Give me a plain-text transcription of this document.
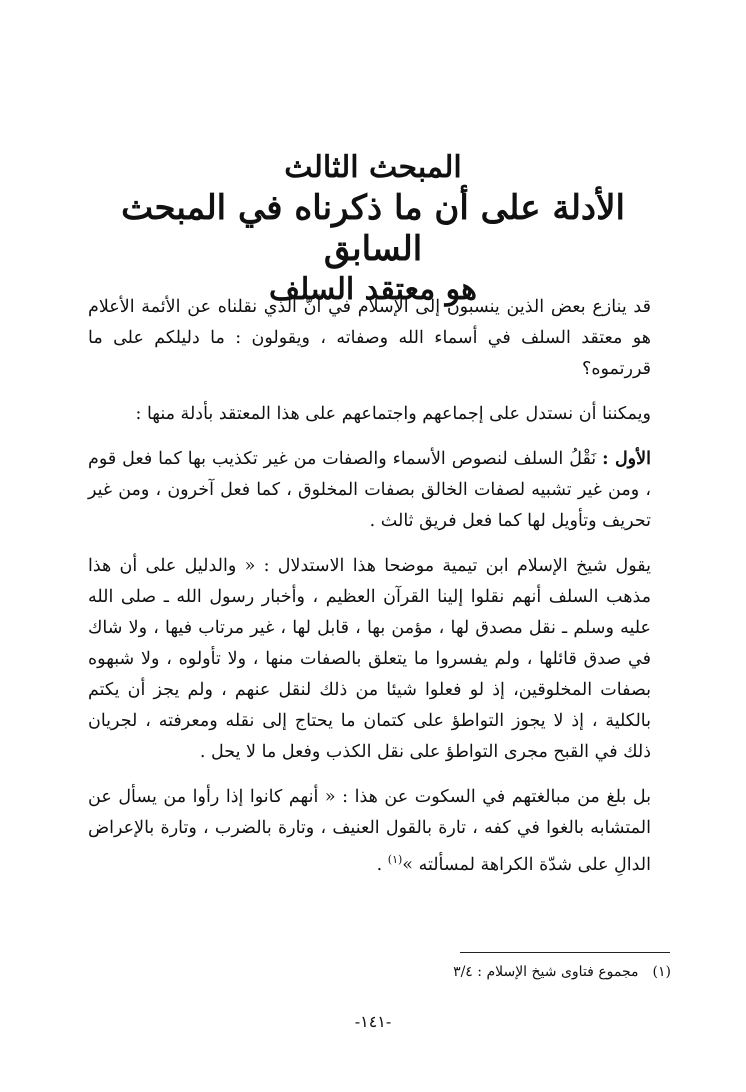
المبحث الثالث
الأدلة على أن ما ذكرناه في المبحث السابق
هو معتقد السلف

قد ينازع بعض الذين ينسبون إلى الإسلام في أنَّ الذي نقلناه عن الأئمة الأعلام هو معتقد السلف في أسماء الله وصفاته ، ويقولون : ما دليلكم على ما قررتموه؟

ويمكننا أن نستدل على إجماعهم واجتماعهم على هذا المعتقد بأدلة منها :

الأول : نَقْلُ السلف لنصوص الأسماء والصفات من غير تكذيب بها كما فعل قوم ، ومن غير تشبيه لصفات الخالق بصفات المخلوق ، كما فعل آخرون ، ومن غير تحريف وتأويل لها كما فعل فريق ثالث .

يقول شيخ الإسلام ابن تيمية موضحا هذا الاستدلال : « والدليل على أن هذا مذهب السلف أنهم نقلوا إلينا القرآن العظيم ، وأخبار رسول الله ـ صلى الله عليه وسلم ـ نقل مصدق لها ، مؤمن بها ، قابل لها ، غير مرتاب فيها ، ولا شاك في صدق قائلها ، ولم يفسروا ما يتعلق بالصفات منها ، ولا تأولوه ، ولا شبهوه بصفات المخلوقين، إذ لو فعلوا شيئا من ذلك لنقل عنهم ، ولم يجز أن يكتم بالكلية ، إذ لا يجوز التواطؤ على كتمان ما يحتاج إلى نقله ومعرفته ، لجريان ذلك في القبح مجرى التواطؤ على نقل الكذب وفعل ما لا يحل .

بل بلغ من مبالغتهم في السكوت عن هذا : « أنهم كانوا إذا رأوا من يسأل عن المتشابه بالغوا في كفه ، تارة بالقول العنيف ، وتارة بالضرب ، وتارة بالإعراض الدالِ على شدّة الكراهة لمسألته »$^{(١)}$ .

(١)مجموع فتاوى شيخ الإسلام : ٣/٤
-١٤١-
